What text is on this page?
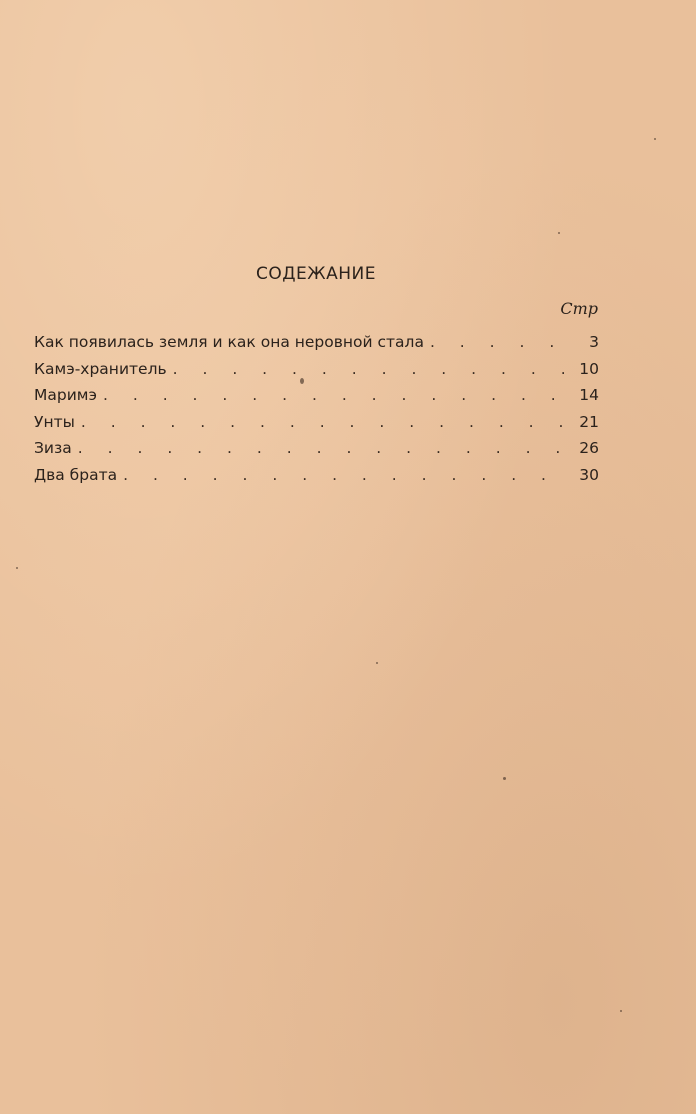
СОДЕЖАНИЕ
Стр
Как появилась земля и как она неровной стала . . .	3
Камэ-хранитель . . .	10
Маримэ . . .	14
Унты . . .	21
Зиза . . .	26
Два брата . . .	30
